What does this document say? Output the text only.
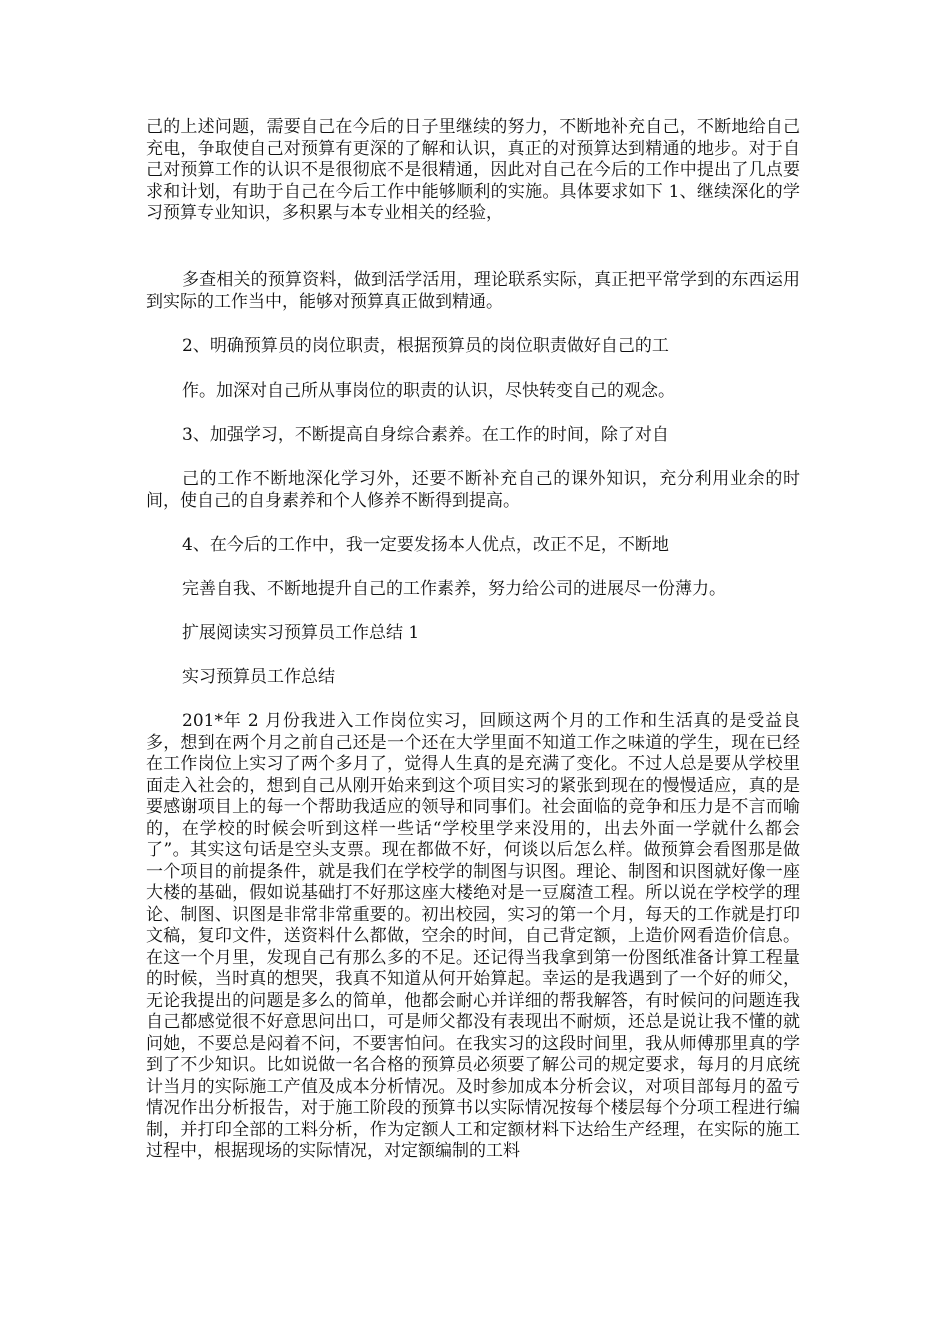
己的上述问题，需要自己在今后的日子里继续的努力，不断地补充自己，不断地给自己充电，争取使自己对预算有更深的了解和认识，真正的对预算达到精通的地步。对于自己对预算工作的认识不是很彻底不是很精通，因此对自己在今后的工作中提出了几点要求和计划，有助于自己在今后工作中能够顺利的实施。具体要求如下 1、继续深化的学习预算专业知识，多积累与本专业相关的经验，

多查相关的预算资料，做到活学活用，理论联系实际，真正把平常学到的东西运用到实际的工作当中，能够对预算真正做到精通。

2、明确预算员的岗位职责，根据预算员的岗位职责做好自己的工

作。加深对自己所从事岗位的职责的认识，尽快转变自己的观念。

3、加强学习，不断提高自身综合素养。在工作的时间，除了对自

己的工作不断地深化学习外，还要不断补充自己的课外知识，充分利用业余的时间，使自己的自身素养和个人修养不断得到提高。

4、在今后的工作中，我一定要发扬本人优点，改正不足，不断地

完善自我、不断地提升自己的工作素养，努力给公司的进展尽一份薄力。

扩展阅读实习预算员工作总结 1

实习预算员工作总结

201*年 2 月份我进入工作岗位实习，回顾这两个月的工作和生活真的是受益良多，想到在两个月之前自己还是一个还在大学里面不知道工作之味道的学生，现在已经在工作岗位上实习了两个多月了，觉得人生真的是充满了变化。不过人总是要从学校里面走入社会的，想到自己从刚开始来到这个项目实习的紧张到现在的慢慢适应，真的是要感谢项目上的每一个帮助我适应的领导和同事们。社会面临的竞争和压力是不言而喻的，在学校的时候会听到这样一些话“学校里学来没用的，出去外面一学就什么都会了”。其实这句话是空头支票。现在都做不好，何谈以后怎么样。做预算会看图那是做一个项目的前提条件，就是我们在学校学的制图与识图。理论、制图和识图就好像一座大楼的基础，假如说基础打不好那这座大楼绝对是一豆腐渣工程。所以说在学校学的理论、制图、识图是非常非常重要的。初出校园，实习的第一个月，每天的工作就是打印文稿，复印文件，送资料什么都做，空余的时间，自己背定额，上造价网看造价信息。在这一个月里，发现自己有那么多的不足。还记得当我拿到第一份图纸准备计算工程量的时候，当时真的想哭，我真不知道从何开始算起。幸运的是我遇到了一个好的师父，无论我提出的问题是多么的简单，他都会耐心并详细的帮我解答，有时候问的问题连我自己都感觉很不好意思问出口，可是师父都没有表现出不耐烦，还总是说让我不懂的就问她，不要总是闷着不问，不要害怕问。在我实习的这段时间里，我从师傅那里真的学到了不少知识。比如说做一名合格的预算员必须要了解公司的规定要求，每月的月底统计当月的实际施工产值及成本分析情况。及时参加成本分析会议，对项目部每月的盈亏情况作出分析报告，对于施工阶段的预算书以实际情况按每个楼层每个分项工程进行编制，并打印全部的工料分析，作为定额人工和定额材料下达给生产经理，在实际的施工过程中，根据现场的实际情况，对定额编制的工料
